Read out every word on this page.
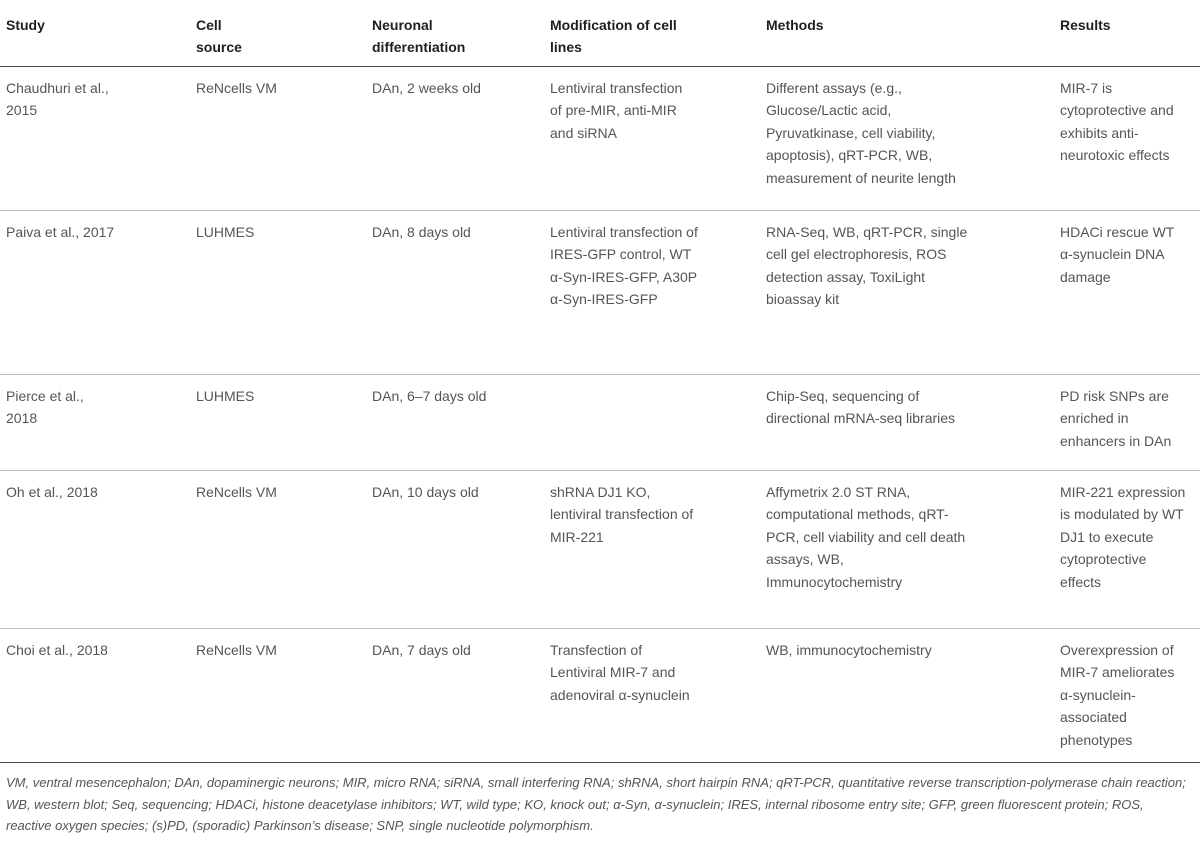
Study	Cell source	Neuronal differentiation	Modification of cell lines	Methods	Results
Chaudhuri et al., 2015	ReNcells VM	DAn, 2 weeks old	Lentiviral transfection of pre-MIR, anti-MIR and siRNA	Different assays (e.g., Glucose/Lactic acid, Pyruvatkinase, cell viability, apoptosis), qRT-PCR, WB, measurement of neurite length	MIR-7 is cytoprotective and exhibits anti-neurotoxic effects
Paiva et al., 2017	LUHMES	DAn, 8 days old	Lentiviral transfection of IRES-GFP control, WT α-Syn-IRES-GFP, A30P α-Syn-IRES-GFP	RNA-Seq, WB, qRT-PCR, single cell gel electrophoresis, ROS detection assay, ToxiLight bioassay kit	HDACi rescue WT α-synuclein DNA damage
Pierce et al., 2018	LUHMES	DAn, 6–7 days old		Chip-Seq, sequencing of directional mRNA-seq libraries	PD risk SNPs are enriched in enhancers in DAn
Oh et al., 2018	ReNcells VM	DAn, 10 days old	shRNA DJ1 KO, lentiviral transfection of MIR-221	Affymetrix 2.0 ST RNA, computational methods, qRT-PCR, cell viability and cell death assays, WB, Immunocytochemistry	MIR-221 expression is modulated by WT DJ1 to execute cytoprotective effects
Choi et al., 2018	ReNcells VM	DAn, 7 days old	Transfection of Lentiviral MIR-7 and adenoviral α-synuclein	WB, immunocytochemistry	Overexpression of MIR-7 ameliorates α-synuclein-associated phenotypes
VM, ventral mesencephalon; DAn, dopaminergic neurons; MIR, micro RNA; siRNA, small interfering RNA; shRNA, short hairpin RNA; qRT-PCR, quantitative reverse transcription-polymerase chain reaction; WB, western blot; Seq, sequencing; HDACi, histone deacetylase inhibitors; WT, wild type; KO, knock out; α-Syn, α-synuclein; IRES, internal ribosome entry site; GFP, green fluorescent protein; ROS, reactive oxygen species; (s)PD, (sporadic) Parkinson’s disease; SNP, single nucleotide polymorphism.
